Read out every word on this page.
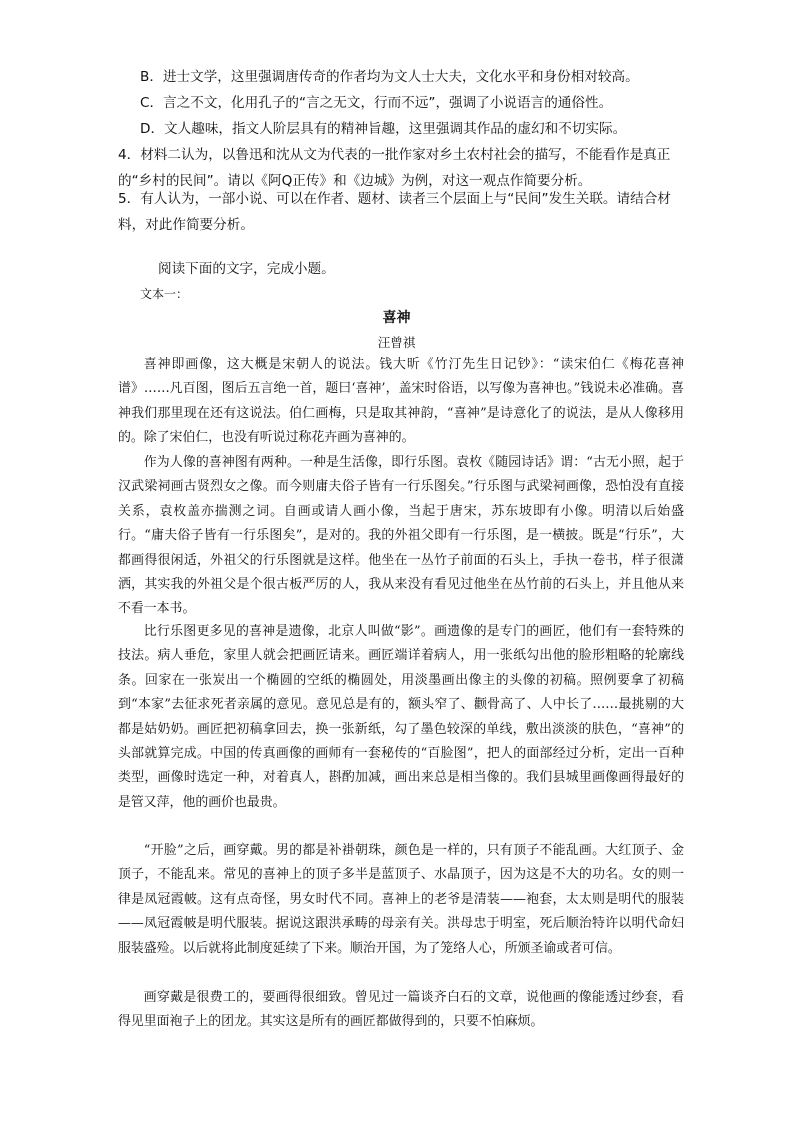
B．进士文学，这里强调唐传奇的作者均为文人士大夫，文化水平和身份相对较高。
C．言之不文，化用孔子的“言之无文，行而不远”，强调了小说语言的通俗性。
D．文人趣味，指文人阶层具有的精神旨趣，这里强调其作品的虚幻和不切实际。
4．材料二认为，以鲁迅和沈从文为代表的一批作家对乡土农村社会的描写，不能看作是真正的“乡村的民间”。请以《阿Q正传》和《边城》为例，对这一观点作简要分析。
5．有人认为，一部小说、可以在作者、题材、读者三个层面上与“民间”发生关联。请结合材料，对此作简要分析。
阅读下面的文字，完成小题。
文本一：
喜神
汪曾祺
喜神即画像，这大概是宋朝人的说法。钱大昕《竹汀先生日记钞》：“读宋伯仁《梅花喜神谱》……凡百图，图后五言绝一首，题曰‘喜神’，盖宋时俗语，以写像为喜神也。”钱说未必准确。喜神我们那里现在还有这说法。伯仁画梅，只是取其神韵，“喜神”是诗意化了的说法，是从人像移用的。除了宋伯仁，也没有听说过称花卉画为喜神的。
作为人像的喜神图有两种。一种是生活像，即行乐图。袁枚《随园诗话》谓：“古无小照，起于汉武梁祠画古贤烈女之像。而今则庸夫俗子皆有一行乐图矣。”行乐图与武梁祠画像，恐怕没有直接关系，袁枚盖亦揣测之词。自画或请人画小像，当起于唐宋，苏东坡即有小像。明清以后始盛行。“庸夫俗子皆有一行乐图矣”，是对的。我的外祖父即有一行乐图，是一横披。既是“行乐”，大都画得很闲适，外祖父的行乐图就是这样。他坐在一丛竹子前面的石头上，手执一卷书，样子很潇洒，其实我的外祖父是个很古板严厉的人，我从来没有看见过他坐在丛竹前的石头上，并且他从来不看一本书。
比行乐图更多见的喜神是遗像，北京人叫做“影”。画遗像的是专门的画匠，他们有一套特殊的技法。病人垂危，家里人就会把画匠请来。画匠端详着病人，用一张纸勾出他的脸形粗略的轮廓线条。回家在一张炭出一个椭圆的空纸的椭圆处，用淡墨画出像主的头像的初稿。照例要拿了初稿到“本家”去征求死者亲属的意见。意见总是有的，额头窄了、颧骨高了、人中长了……最挑剔的大都是姑奶奶。画匠把初稿拿回去，换一张新纸，勾了墨色较深的单线，敷出淡淡的肤色，“喜神”的头部就算完成。中国的传真画像的画师有一套秘传的“百脸图”，把人的面部经过分析，定出一百种类型，画像时选定一种，对着真人，斟酌加减，画出来总是相当像的。我们县城里画像画得最好的是管又萍，他的画价也最贵。
“开脸”之后，画穿戴。男的都是补褂朝珠，颜色是一样的，只有顶子不能乱画。大红顶子、金顶子，不能乱来。常见的喜神上的顶子多半是蓝顶子、水晶顶子，因为这是不大的功名。女的则一律是凤冠霞帔。这有点奇怪，男女时代不同。喜神上的老爷是清装——袍套，太太则是明代的服装——凤冠霞帔是明代服装。据说这跟洪承畴的母亲有关。洪母忠于明室，死后顺治特许以明代命妇服装盛殓。以后就将此制度延续了下来。顺治开国，为了笼络人心，所颁圣谕或者可信。
画穿戴是很费工的，要画得很细致。曾见过一篇谈齐白石的文章，说他画的像能透过纱套，看得见里面袍子上的团龙。其实这是所有的画匠都做得到的，只要不怕麻烦。
